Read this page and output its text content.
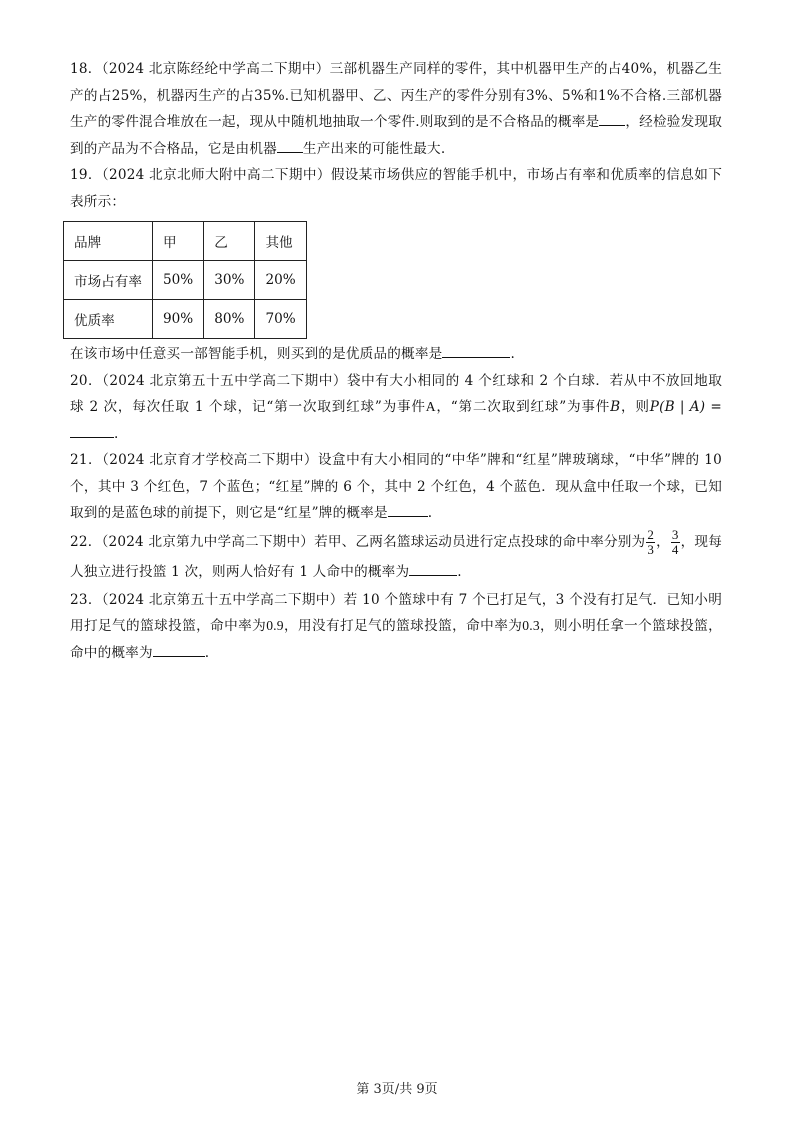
18．（2024 北京陈经纶中学高二下期中）三部机器生产同样的零件，其中机器甲生产的占40%，机器乙生产的占25%，机器丙生产的占35%.已知机器甲、乙、丙生产的零件分别有3%、5%和1%不合格.三部机器生产的零件混合堆放在一起，现从中随机地抽取一个零件.则取到的是不合格品的概率是 ，经检验发现取到的产品为不合格品，它是由机器 生产出来的可能性最大.

19．（2024 北京北师大附中高二下期中）假设某市场供应的智能手机中，市场占有率和优质率的信息如下表所示：

品牌	甲	乙	其他
市场占有率	50%	30%	20%
优质率	90%	80%	70%

在该市场中任意买一部智能手机，则买到的是优质品的概率是	.

20．（2024 北京第五十五中学高二下期中）袋中有大小相同的 4 个红球和 2 个白球．若从中不放回地取球 2 次，每次任取 1 个球，记“第一次取到红球”为事件A，“第二次取到红球”为事件B，则P(B | A) =.

21．（2024 北京育才学校高二下期中）设盒中有大小相同的“中华”牌和“红星”牌玻璃球，“中华”牌的 10 个，其中 3 个红色，7 个蓝色；“红星”牌的 6 个，其中 2 个红色，4 个蓝色．现从盒中任取一个球，已知取到的是蓝色球的前提下，则它是“红星”牌的概率是	.

22．（2024 北京第九中学高二下期中）若甲、乙两名篮球运动员进行定点投球的命中率分别为 $\frac{2}{3}$ ， $\frac{3}{4}$ ，现每人独立进行投篮 1 次，则两人恰好有 1 人命中的概率为	.

23．（2024 北京第五十五中学高二下期中）若 10 个篮球中有 7 个已打足气，3 个没有打足气．已知小明用打足气的篮球投篮，命中率为0.9，用没有打足气的篮球投篮，命中率为0.3，则小明任拿一个篮球投篮，命中的概率为	.

第 3页/共 9页
